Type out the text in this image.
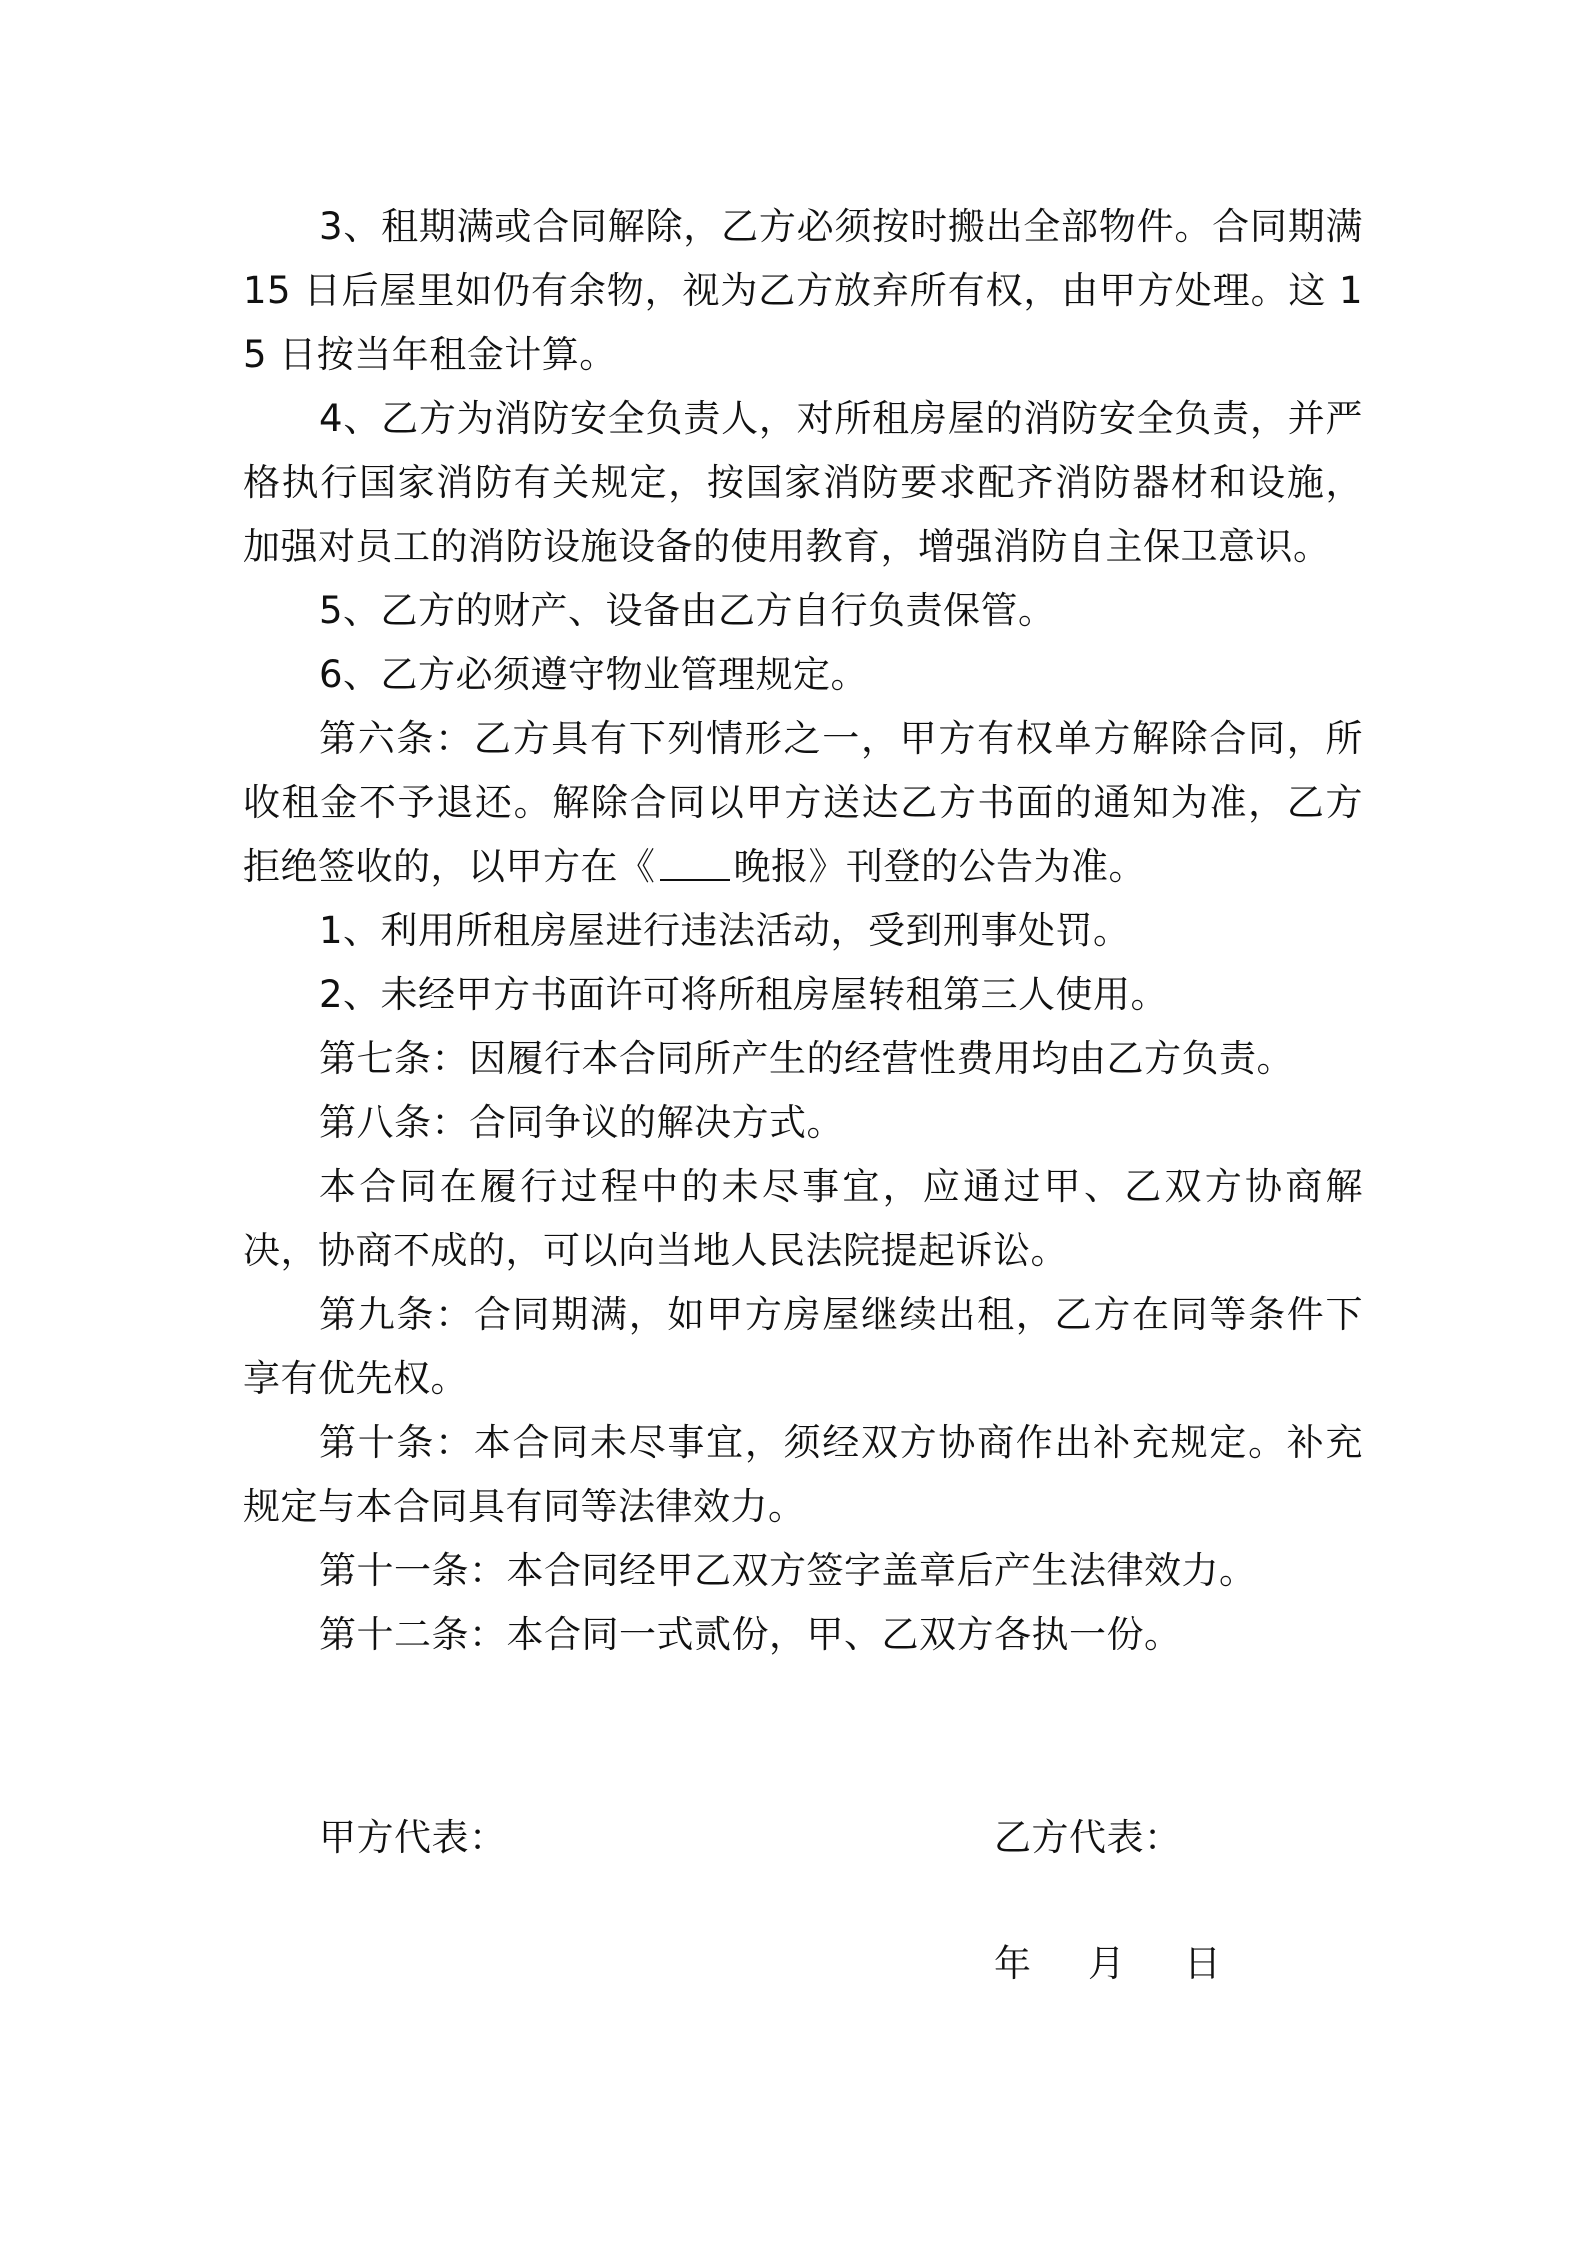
3、租期满或合同解除，乙方必须按时搬出全部物件。合同期满 15 日后屋里如仍有余物，视为乙方放弃所有权，由甲方处理。这 15 日按当年租金计算。

4、乙方为消防安全负责人，对所租房屋的消防安全负责，并严格执行国家消防有关规定，按国家消防要求配齐消防器材和设施，加强对员工的消防设施设备的使用教育，增强消防自主保卫意识。

5、乙方的财产、设备由乙方自行负责保管。

6、乙方必须遵守物业管理规定。

第六条：乙方具有下列情形之一，甲方有权单方解除合同，所收租金不予退还。解除合同以甲方送达乙方书面的通知为准，乙方拒绝签收的，以甲方在《 晚报》刊登的公告为准。

1、利用所租房屋进行违法活动，受到刑事处罚。

2、未经甲方书面许可将所租房屋转租第三人使用。

第七条：因履行本合同所产生的经营性费用均由乙方负责。

第八条：合同争议的解决方式。

本合同在履行过程中的未尽事宜，应通过甲、乙双方协商解决，协商不成的，可以向当地人民法院提起诉讼。

第九条：合同期满，如甲方房屋继续出租，乙方在同等条件下享有优先权。

第十条：本合同未尽事宜，须经双方协商作出补充规定。补充规定与本合同具有同等法律效力。

第十一条：本合同经甲乙双方签字盖章后产生法律效力。

第十二条：本合同一式贰份，甲、乙双方各执一份。

甲方代表：	乙方代表：
年 月 日
